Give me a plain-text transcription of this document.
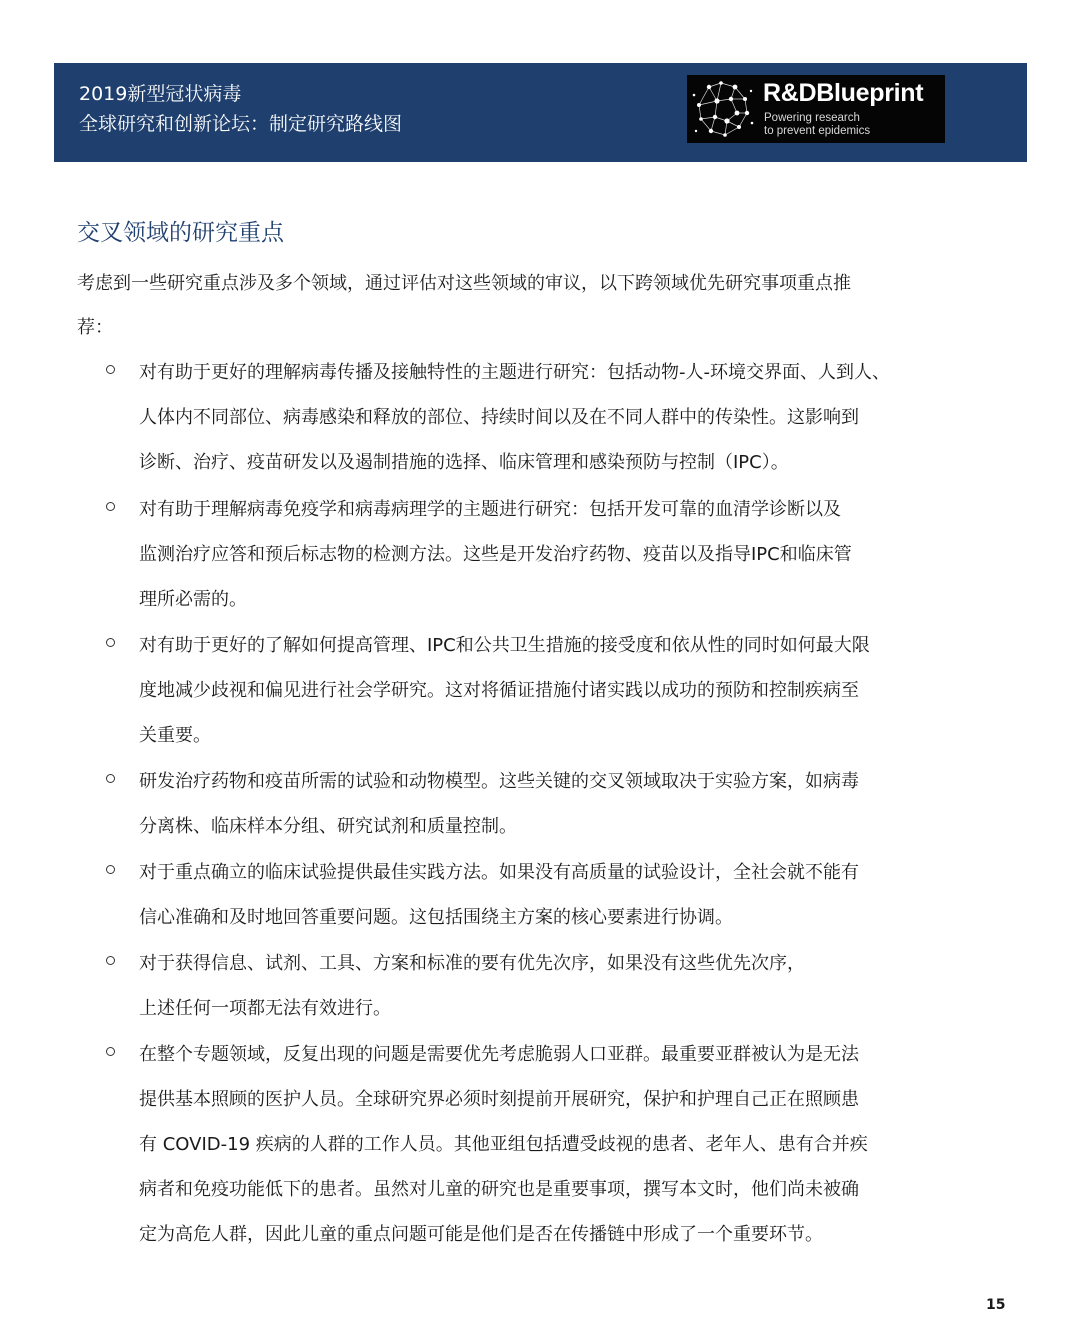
2019新型冠状病毒
全球研究和创新论坛：制定研究路线图
R&DBlueprint
Powering research
to prevent epidemics
交叉领域的研究重点
考虑到一些研究重点涉及多个领域，通过评估对这些领域的审议，以下跨领域优先研究事项重点推
荐：
对有助于更好的理解病毒传播及接触特性的主题进行研究：包括动物-人-环境交界面、人到人、
人体内不同部位、病毒感染和释放的部位、持续时间以及在不同人群中的传染性。这影响到
诊断、治疗、疫苗研发以及遏制措施的选择、临床管理和感染预防与控制（IPC）。
对有助于理解病毒免疫学和病毒病理学的主题进行研究：包括开发可靠的血清学诊断以及
监测治疗应答和预后标志物的检测方法。这些是开发治疗药物、疫苗以及指导IPC和临床管
理所必需的。
对有助于更好的了解如何提高管理、IPC和公共卫生措施的接受度和依从性的同时如何最大限
度地减少歧视和偏见进行社会学研究。这对将循证措施付诸实践以成功的预防和控制疾病至
关重要。
研发治疗药物和疫苗所需的试验和动物模型。这些关键的交叉领域取决于实验方案，如病毒
分离株、临床样本分组、研究试剂和质量控制。
对于重点确立的临床试验提供最佳实践方法。如果没有高质量的试验设计，全社会就不能有
信心准确和及时地回答重要问题。这包括围绕主方案的核心要素进行协调。
对于获得信息、试剂、工具、方案和标准的要有优先次序，如果没有这些优先次序，
上述任何一项都无法有效进行。
在整个专题领域，反复出现的问题是需要优先考虑脆弱人口亚群。最重要亚群被认为是无法
提供基本照顾的医护人员。全球研究界必须时刻提前开展研究，保护和护理自己正在照顾患
有 COVID-19 疾病的人群的工作人员。其他亚组包括遭受歧视的患者、老年人、患有合并疾
病者和免疫功能低下的患者。虽然对儿童的研究也是重要事项，撰写本文时，他们尚未被确
定为高危人群，因此儿童的重点问题可能是他们是否在传播链中形成了一个重要环节。
15
